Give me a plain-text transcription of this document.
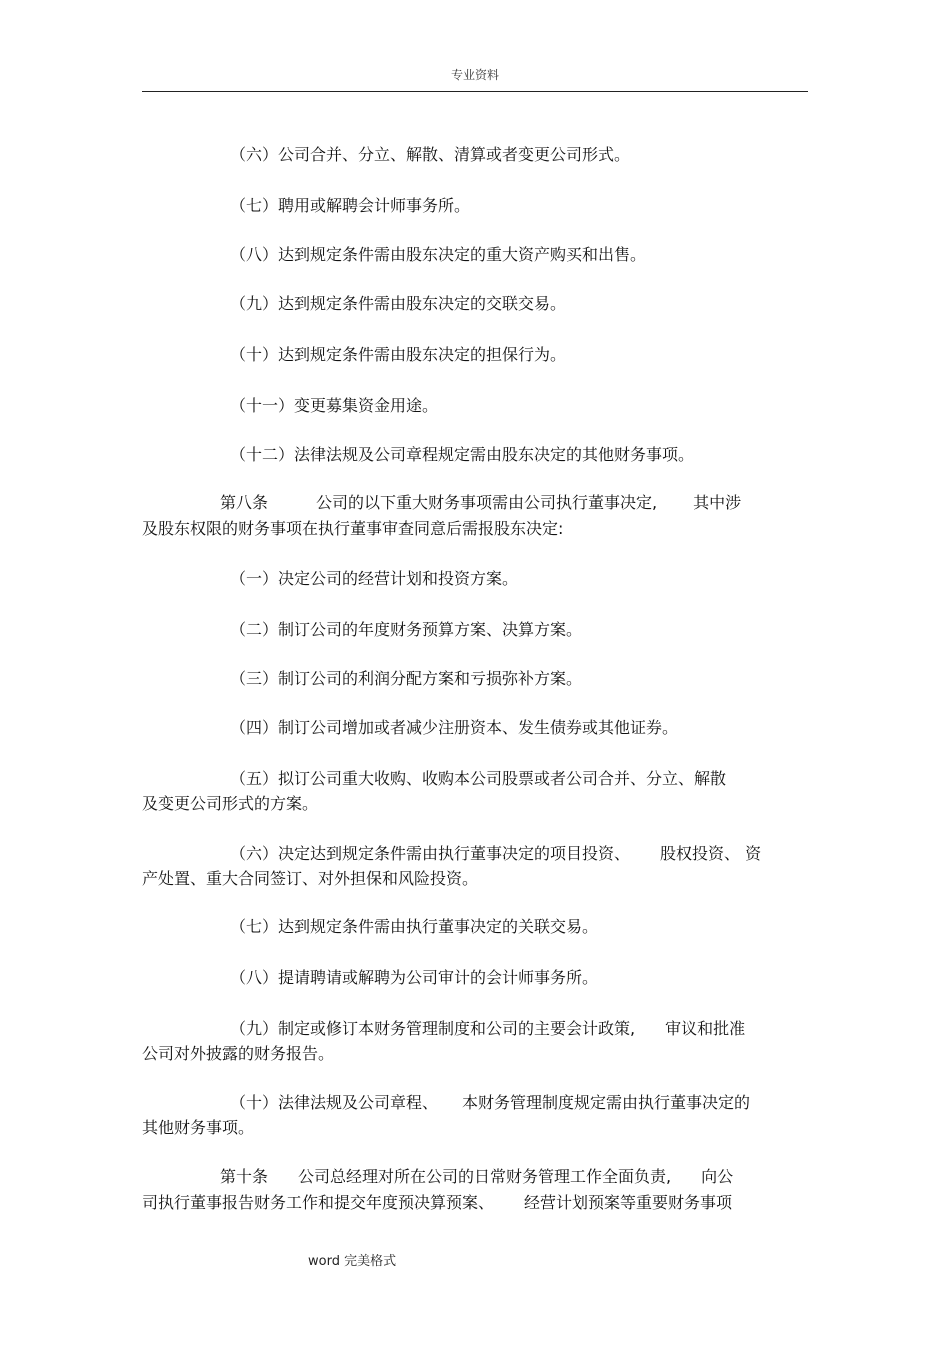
专业资料
（六）公司合并、分立、解散、清算或者变更公司形式。
（七）聘用或解聘会计师事务所。
（八）达到规定条件需由股东决定的重大资产购买和出售。
（九）达到规定条件需由股东决定的交联交易。
（十）达到规定条件需由股东决定的担保行为。
（十一）变更募集资金用途。
（十二）法律法规及公司章程规定需由股东决定的其他财务事项。
第八条	公司的以下重大财务事项需由公司执行董事决定, 其中涉
及股东权限的财务事项在执行董事审查同意后需报股东决定:
（一）决定公司的经营计划和投资方案。
（二）制订公司的年度财务预算方案、决算方案。
（三）制订公司的利润分配方案和亏损弥补方案。
（四）制订公司增加或者减少注册资本、发生债券或其他证券。
（五）拟订公司重大收购、收购本公司股票或者公司合并、分立、解散
及变更公司形式的方案。
（六）决定达到规定条件需由执行董事决定的项目投资、 股权投资、 资
产处置、重大合同签订、对外担保和风险投资。
（七）达到规定条件需由执行董事决定的关联交易。
（八）提请聘请或解聘为公司审计的会计师事务所。
（九）制定或修订本财务管理制度和公司的主要会计政策, 审议和批准
公司对外披露的财务报告。
（十）法律法规及公司章程、 本财务管理制度规定需由执行董事决定的
其他财务事项。
第十条 公司总经理对所在公司的日常财务管理工作全面负责, 向公
司执行董事报告财务工作和提交年度预决算预案、 经营计划预案等重要财务事项
word 完美格式
